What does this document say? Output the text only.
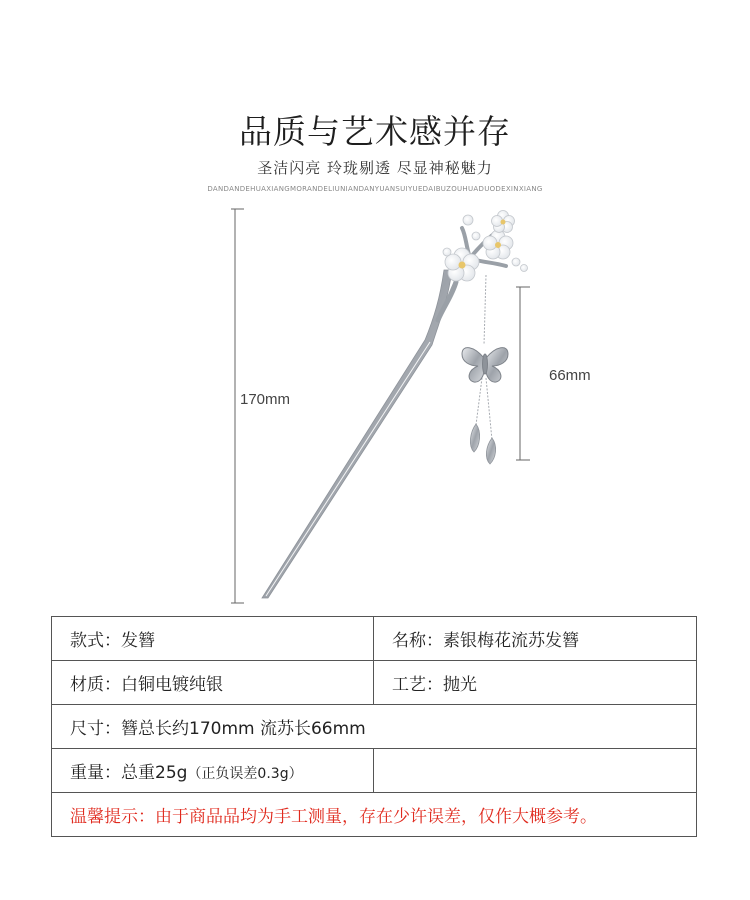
品质与艺术感并存
圣洁闪亮 玲珑剔透 尽显神秘魅力
DANDANDEHUAXIANGMORANDELIUNIANDANYUANSUIYUEDAIBUZOUHUADUODEXINXIANG
170mm
66mm
款式：发簪	名称：素银梅花流苏发簪
材质：白铜电镀纯银	工艺：抛光
尺寸：簪总长约170mm 流苏长66mm	
重量：总重25g（正负误差0.3g）	
温馨提示：由于商品品均为手工测量，存在少许误差，仅作大概参考。	
